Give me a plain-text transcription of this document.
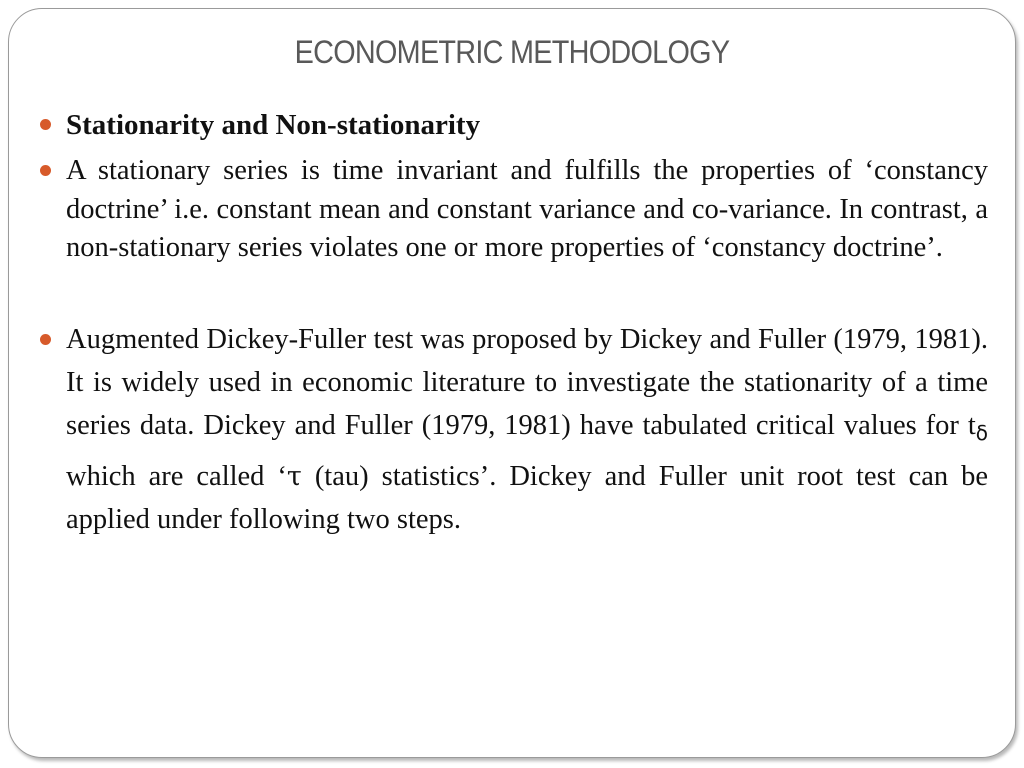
ECONOMETRIC METHODOLOGY
Stationarity and Non-stationarity
A stationary series is time invariant and fulfills the properties of ‘constancy doctrine’ i.e. constant mean and constant variance and co-variance. In contrast, a non-stationary series violates one or more properties of ‘constancy doctrine’.
Augmented Dickey-Fuller test was proposed by Dickey and Fuller (1979, 1981). It is widely used in economic literature to investigate the stationarity of a time series data. Dickey and Fuller (1979, 1981) have tabulated critical values for $t_\delta$ which are called ‘τ (tau) statistics’. Dickey and Fuller unit root test can be applied under following two steps.
